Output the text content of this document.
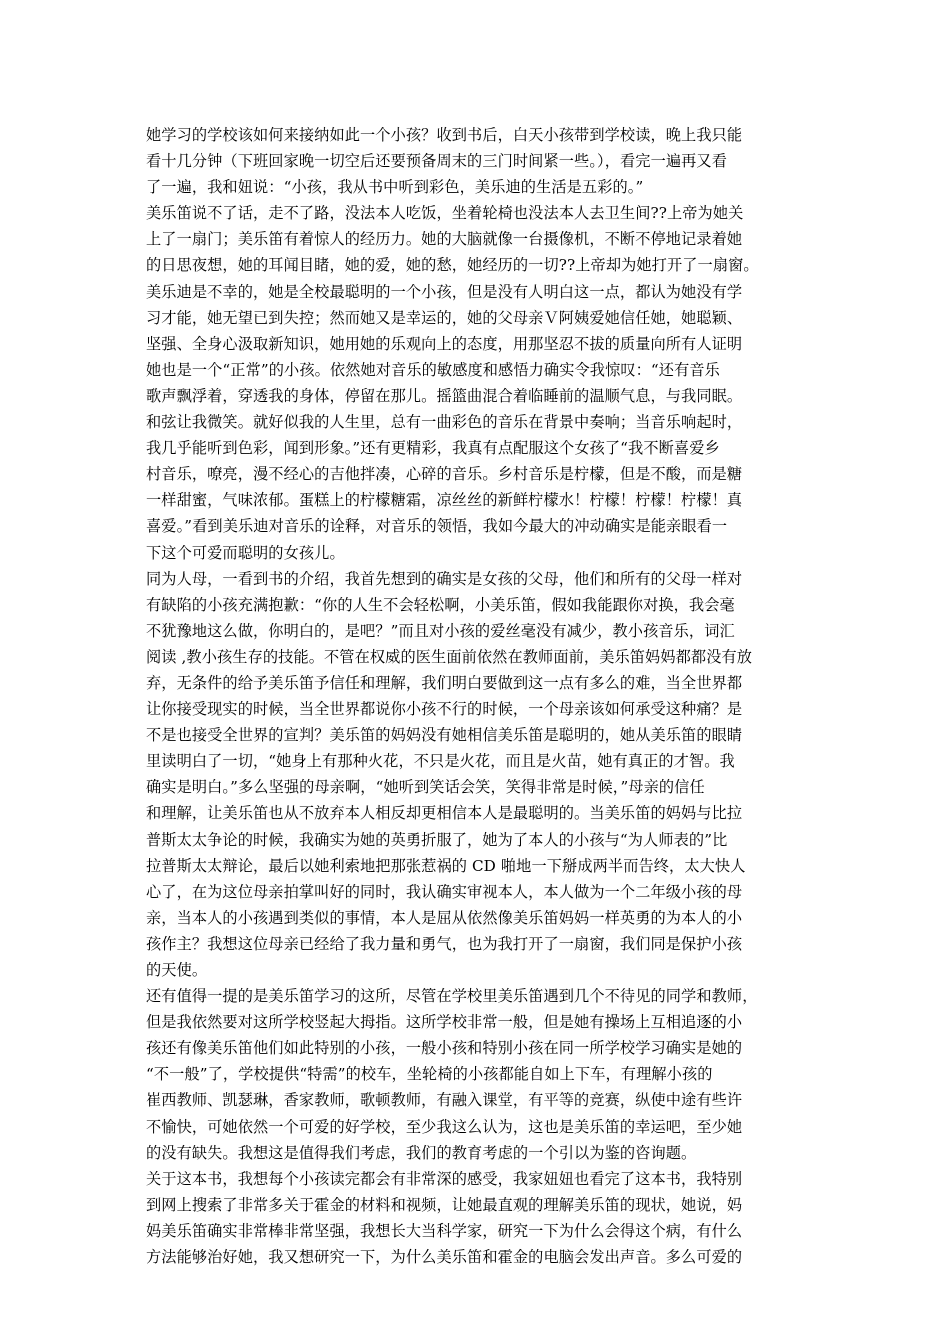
她学习的学校该如何来接纳如此一个小孩？收到书后，白天小孩带到学校读，晚上我只能
看十几分钟（下班回家晚一切空后还要预备周末的三门时间紧一些。），看完一遍再又看
了一遍，我和妞说：“小孩，我从书中听到彩色，美乐迪的生活是五彩的。”
美乐笛说不了话，走不了路，没法本人吃饭，坐着轮椅也没法本人去卫生间??上帝为她关
上了一扇门；美乐笛有着惊人的经历力。她的大脑就像一台摄像机，不断不停地记录着她
的日思夜想，她的耳闻目睹，她的爱，她的愁，她经历的一切??上帝却为她打开了一扇窗。
美乐迪是不幸的，她是全校最聪明的一个小孩，但是没有人明白这一点，都认为她没有学
习才能，她无望已到失控；然而她又是幸运的，她的父母亲Ｖ阿姨爱她信任她，她聪颖、
坚强、全身心汲取新知识，她用她的乐观向上的态度，用那坚忍不拔的质量向所有人证明
她也是一个“正常”的小孩。依然她对音乐的敏感度和感悟力确实令我惊叹：“还有音乐
歌声飘浮着，穿透我的身体，停留在那儿。摇篮曲混合着临睡前的温顺气息，与我同眠。
和弦让我微笑。就好似我的人生里，总有一曲彩色的音乐在背景中奏响；当音乐响起时，
我几乎能听到色彩，闻到形象。”还有更精彩，我真有点配服这个女孩了“我不断喜爱乡
村音乐，嘹亮，漫不经心的吉他拌凑，心碎的音乐。乡村音乐是柠檬，但是不酸，而是糖
一样甜蜜，气味浓郁。蛋糕上的柠檬糖霜，凉丝丝的新鲜柠檬水！柠檬！柠檬！柠檬！真
喜爱。”看到美乐迪对音乐的诠释，对音乐的领悟，我如今最大的冲动确实是能亲眼看一
下这个可爱而聪明的女孩儿。
同为人母，一看到书的介绍，我首先想到的确实是女孩的父母，他们和所有的父母一样对
有缺陷的小孩充满抱歉：“你的人生不会轻松啊，小美乐笛，假如我能跟你对换，我会毫
不犹豫地这么做，你明白的，是吧？”而且对小孩的爱丝毫没有减少，教小孩音乐，词汇
阅读 ,教小孩生存的技能。不管在权威的医生面前依然在教师面前，美乐笛妈妈都都没有放
弃，无条件的给予美乐笛予信任和理解，我们明白要做到这一点有多么的难，当全世界都
让你接受现实的时候，当全世界都说你小孩不行的时候，一个母亲该如何承受这种痛？是
不是也接受全世界的宣判？美乐笛的妈妈没有她相信美乐笛是聪明的，她从美乐笛的眼睛
里读明白了一切，“她身上有那种火花，不只是火花，而且是火苗，她有真正的才智。我
确实是明白。”多么坚强的母亲啊，“她听到笑话会笑，笑得非常是时候，”母亲的信任
和理解，让美乐笛也从不放弃本人相反却更相信本人是最聪明的。当美乐笛的妈妈与比拉
普斯太太争论的时候，我确实为她的英勇折服了，她为了本人的小孩与“为人师表的”比
拉普斯太太辩论，最后以她利索地把那张惹祸的 CD 啪地一下掰成两半而告终，太大快人
心了，在为这位母亲拍掌叫好的同时，我认确实审视本人，本人做为一个二年级小孩的母
亲，当本人的小孩遇到类似的事情，本人是屈从依然像美乐笛妈妈一样英勇的为本人的小
孩作主？我想这位母亲已经给了我力量和勇气，也为我打开了一扇窗，我们同是保护小孩
的天使。
还有值得一提的是美乐笛学习的这所，尽管在学校里美乐笛遇到几个不待见的同学和教师，
但是我依然要对这所学校竖起大拇指。这所学校非常一般，但是她有操场上互相追逐的小
孩还有像美乐笛他们如此特别的小孩，一般小孩和特别小孩在同一所学校学习确实是她的
“不一般”了，学校提供“特需”的校车，坐轮椅的小孩都能自如上下车，有理解小孩的
崔西教师、凯瑟琳，香家教师，歌顿教师，有融入课堂，有平等的竞赛，纵使中途有些许
不愉快，可她依然一个可爱的好学校，至少我这么认为，这也是美乐笛的幸运吧，至少她
的没有缺失。我想这是值得我们考虑，我们的教育考虑的一个引以为鉴的咨询题。
关于这本书，我想每个小孩读完都会有非常深的感受，我家妞妞也看完了这本书，我特别
到网上搜索了非常多关于霍金的材料和视频，让她最直观的理解美乐笛的现状，她说，妈
妈美乐笛确实非常棒非常坚强，我想长大当科学家，研究一下为什么会得这个病，有什么
方法能够治好她，我又想研究一下，为什么美乐笛和霍金的电脑会发出声音。多么可爱的
